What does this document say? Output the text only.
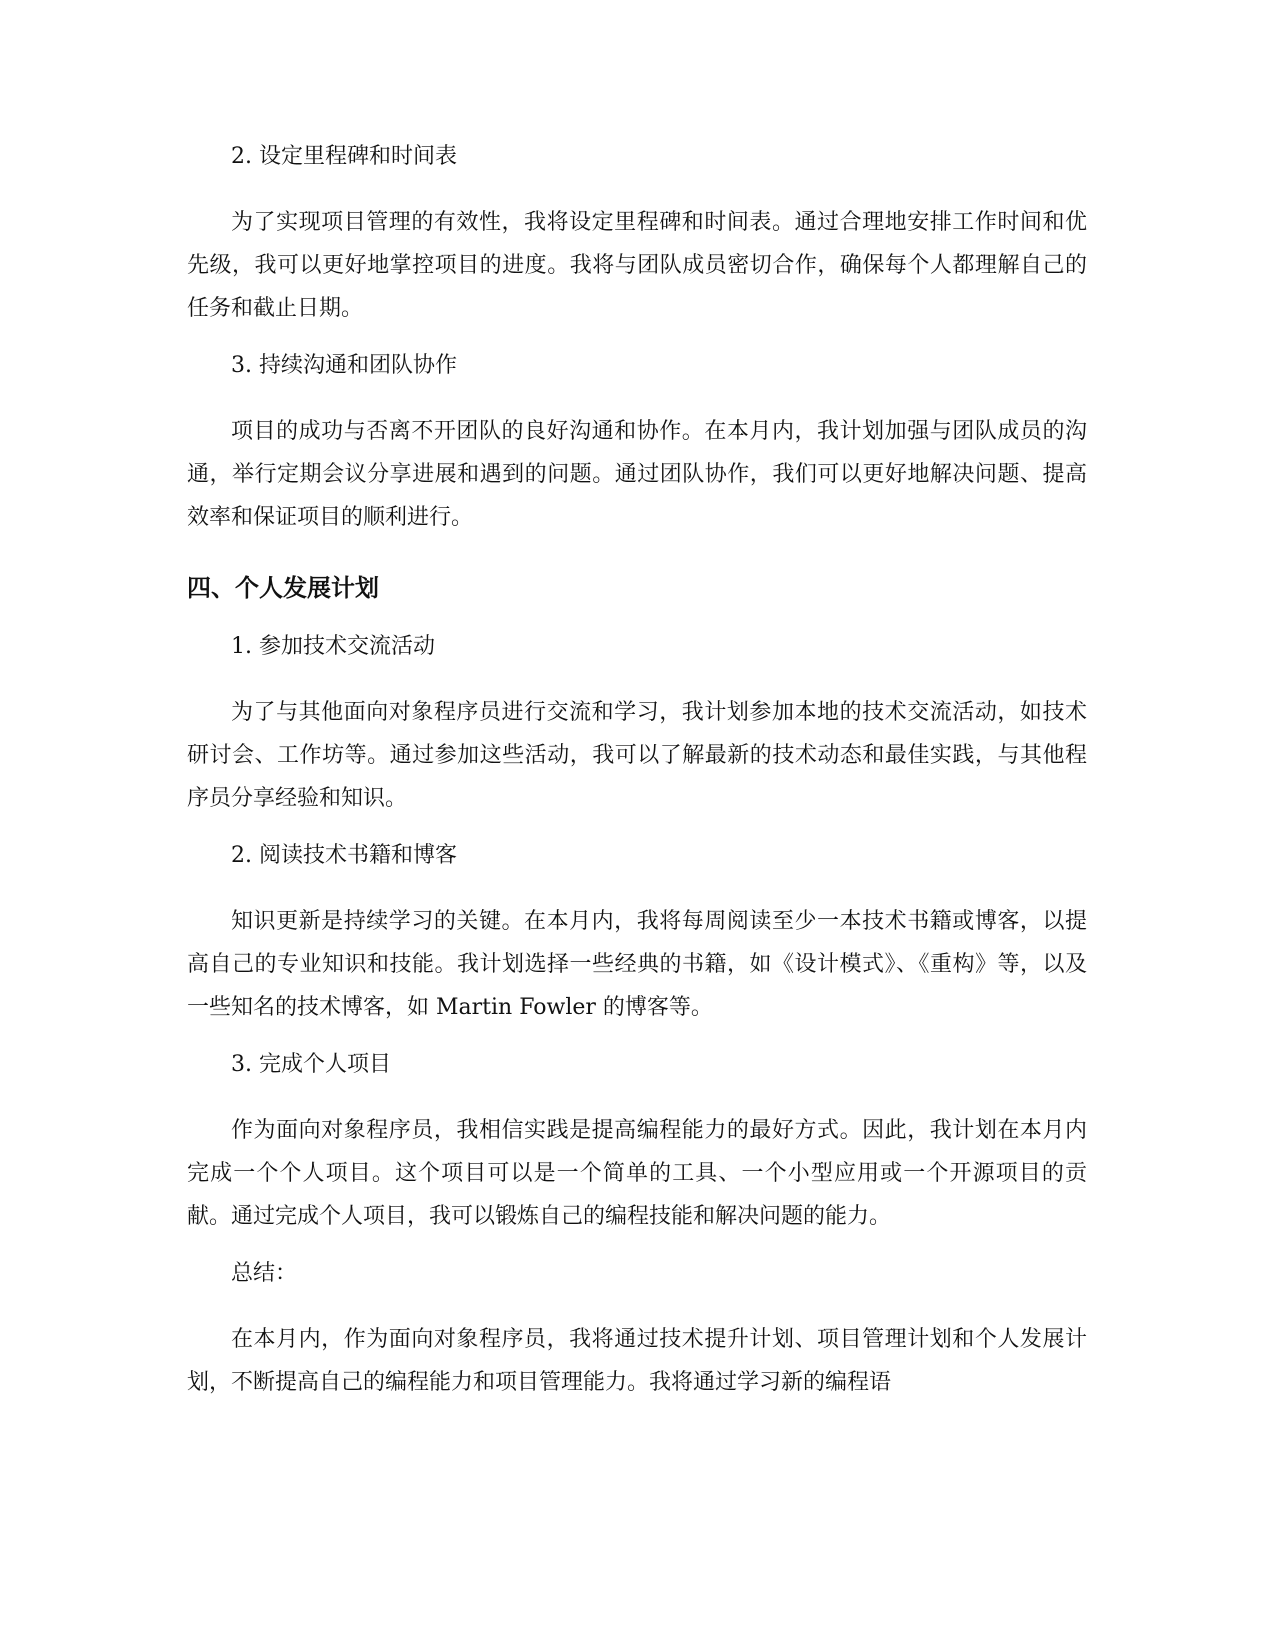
2. 设定里程碑和时间表

为了实现项目管理的有效性，我将设定里程碑和时间表。通过合理地安排工作时间和优先级，我可以更好地掌控项目的进度。我将与团队成员密切合作，确保每个人都理解自己的任务和截止日期。

3. 持续沟通和团队协作

项目的成功与否离不开团队的良好沟通和协作。在本月内，我计划加强与团队成员的沟通，举行定期会议分享进展和遇到的问题。通过团队协作，我们可以更好地解决问题、提高效率和保证项目的顺利进行。

四、个人发展计划
1. 参加技术交流活动

为了与其他面向对象程序员进行交流和学习，我计划参加本地的技术交流活动，如技术研讨会、工作坊等。通过参加这些活动，我可以了解最新的技术动态和最佳实践，与其他程序员分享经验和知识。

2. 阅读技术书籍和博客

知识更新是持续学习的关键。在本月内，我将每周阅读至少一本技术书籍或博客，以提高自己的专业知识和技能。我计划选择一些经典的书籍，如《设计模式》、《重构》等，以及一些知名的技术博客，如 Martin Fowler 的博客等。

3. 完成个人项目

作为面向对象程序员，我相信实践是提高编程能力的最好方式。因此，我计划在本月内完成一个个人项目。这个项目可以是一个简单的工具、一个小型应用或一个开源项目的贡献。通过完成个人项目，我可以锻炼自己的编程技能和解决问题的能力。

总结：

在本月内，作为面向对象程序员，我将通过技术提升计划、项目管理计划和个人发展计划，不断提高自己的编程能力和项目管理能力。我将通过学习新的编程语
